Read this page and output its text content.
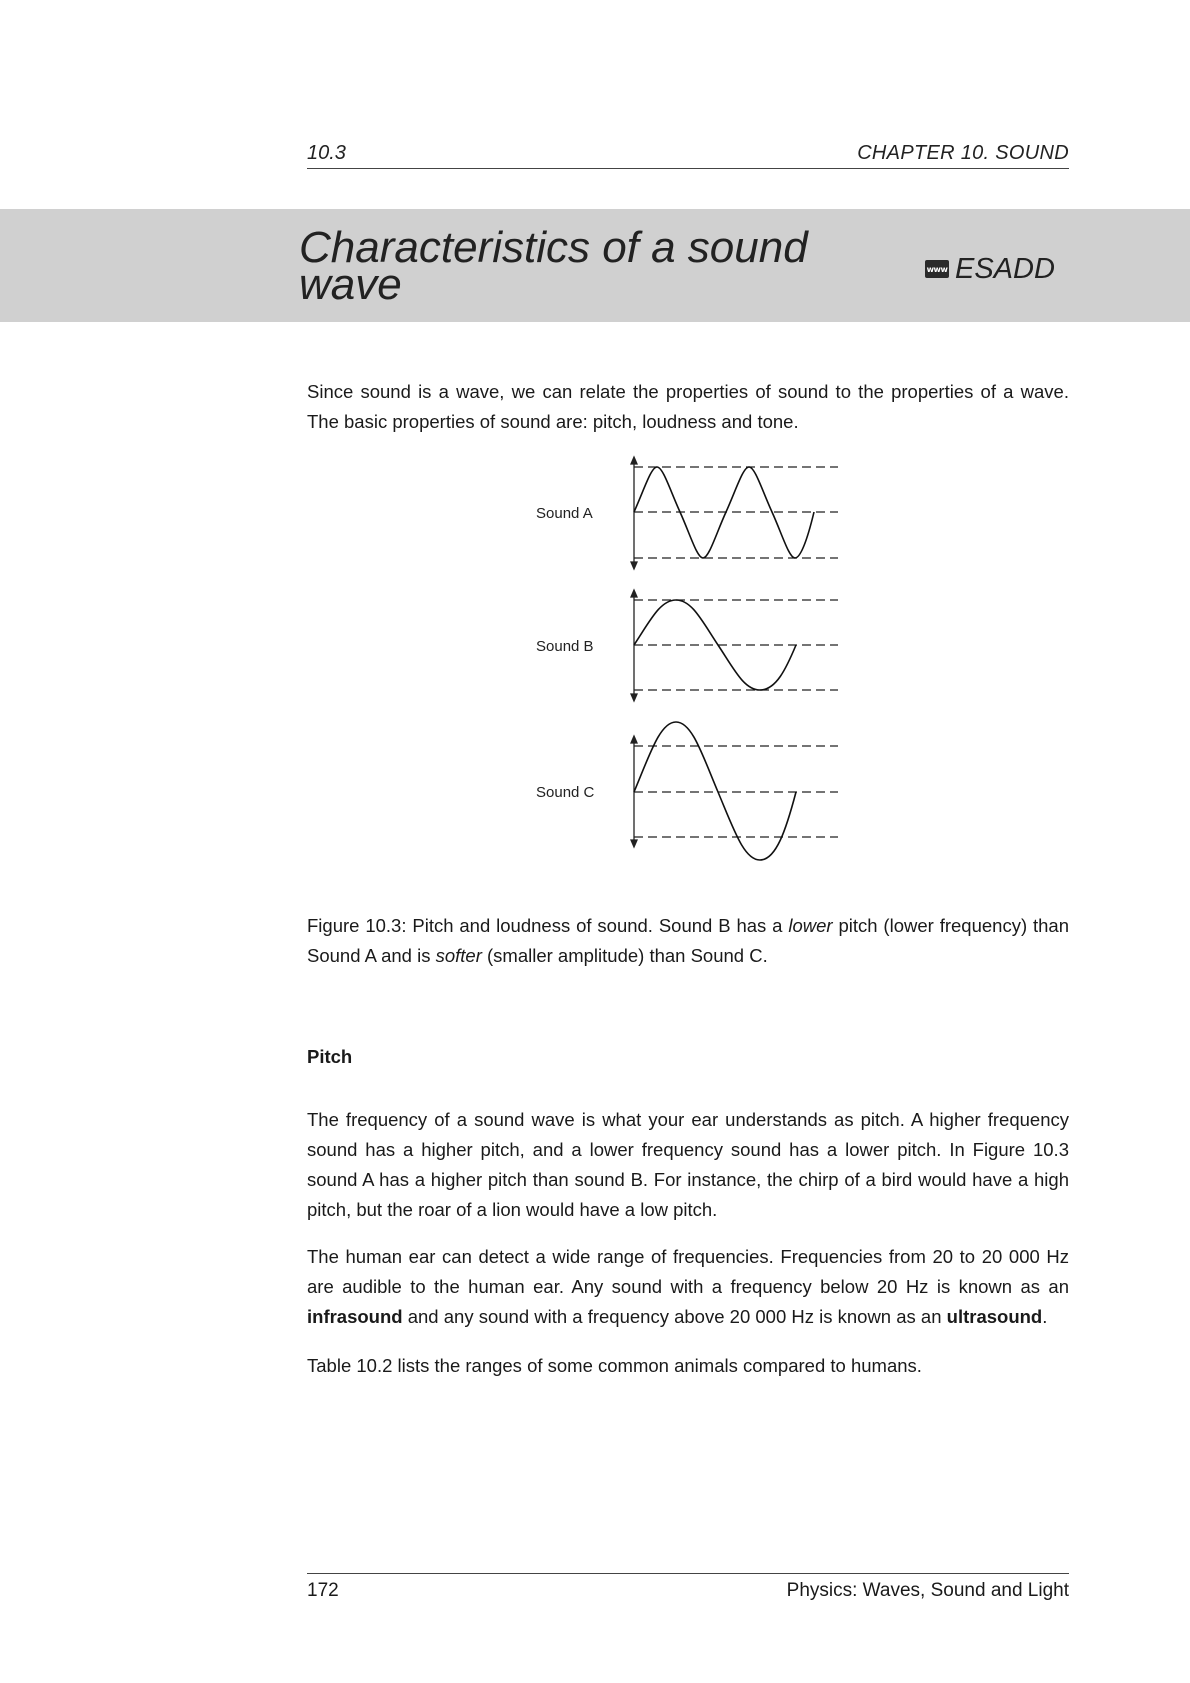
10.3	CHAPTER 10. SOUND
Characteristics of a sound wave	www ESADD

Since sound is a wave, we can relate the properties of sound to the properties of a wave. The basic properties of sound are: pitch, loudness and tone.

Sound A
Sound B
Sound C

Figure 10.3: Pitch and loudness of sound. Sound B has a lower pitch (lower frequency) than Sound A and is softer (smaller amplitude) than Sound C.

Pitch

The frequency of a sound wave is what your ear understands as pitch. A higher frequency sound has a higher pitch, and a lower frequency sound has a lower pitch. In Figure 10.3 sound A has a higher pitch than sound B. For instance, the chirp of a bird would have a high pitch, but the roar of a lion would have a low pitch.

The human ear can detect a wide range of frequencies. Frequencies from 20 to 20 000 Hz are audible to the human ear. Any sound with a frequency below 20 Hz is known as an infrasound and any sound with a frequency above 20 000 Hz is known as an ultrasound.

Table 10.2 lists the ranges of some common animals compared to humans.

172	Physics: Waves, Sound and Light
